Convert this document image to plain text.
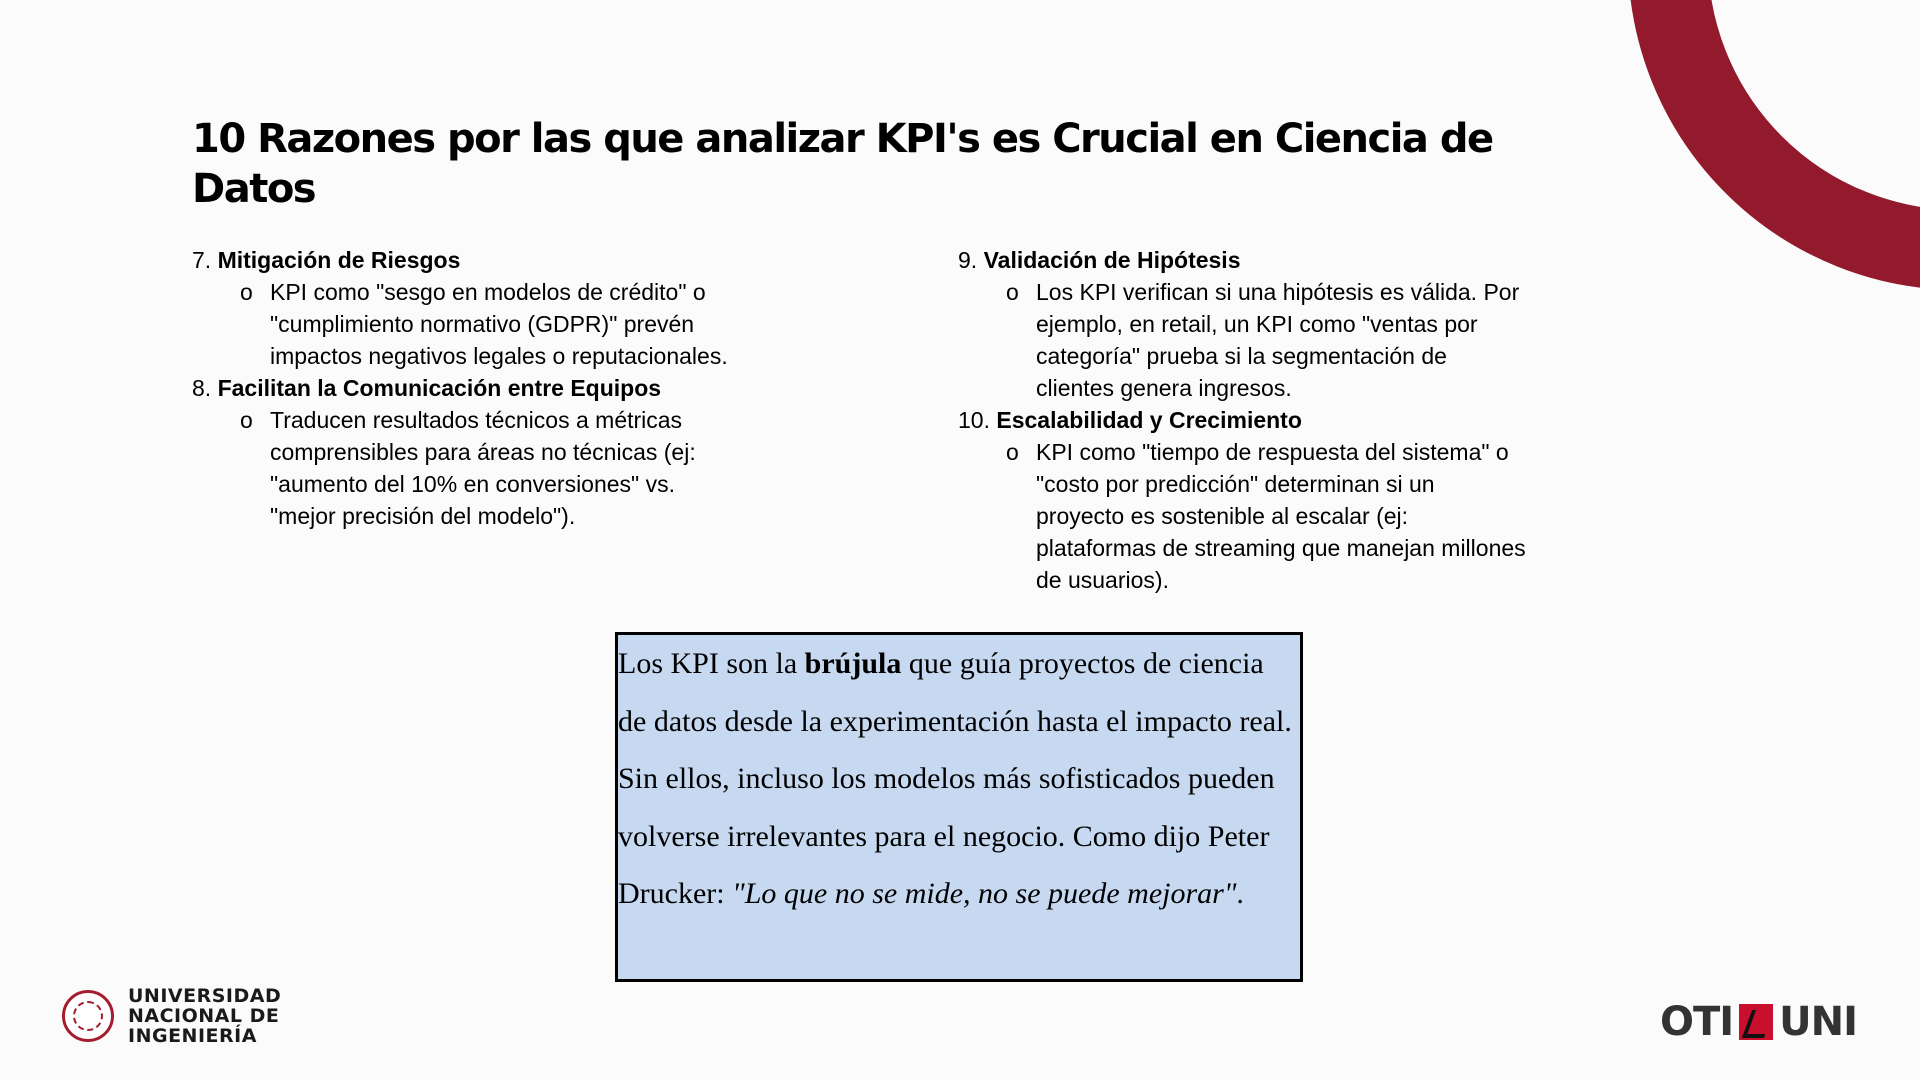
10 Razones por las que analizar KPI's es Crucial en Ciencia de Datos
7. Mitigación de Riesgos
o KPI como "sesgo en modelos de crédito" o "cumplimiento normativo (GDPR)" prevén impactos negativos legales o reputacionales.
8. Facilitan la Comunicación entre Equipos
o Traducen resultados técnicos a métricas comprensibles para áreas no técnicas (ej: "aumento del 10% en conversiones" vs. "mejor precisión del modelo").
9. Validación de Hipótesis
o Los KPI verifican si una hipótesis es válida. Por ejemplo, en retail, un KPI como "ventas por categoría" prueba si la segmentación de clientes genera ingresos.
10. Escalabilidad y Crecimiento
o KPI como "tiempo de respuesta del sistema" o "costo por predicción" determinan si un proyecto es sostenible al escalar (ej: plataformas de streaming que manejan millones de usuarios).
Los KPI son la brújula que guía proyectos de ciencia de datos desde la experimentación hasta el impacto real. Sin ellos, incluso los modelos más sofisticados pueden volverse irrelevantes para el negocio. Como dijo Peter Drucker: "Lo que no se mide, no se puede mejorar".
UNIVERSIDAD
NACIONAL DE
INGENIERÍA	OTI UNI
